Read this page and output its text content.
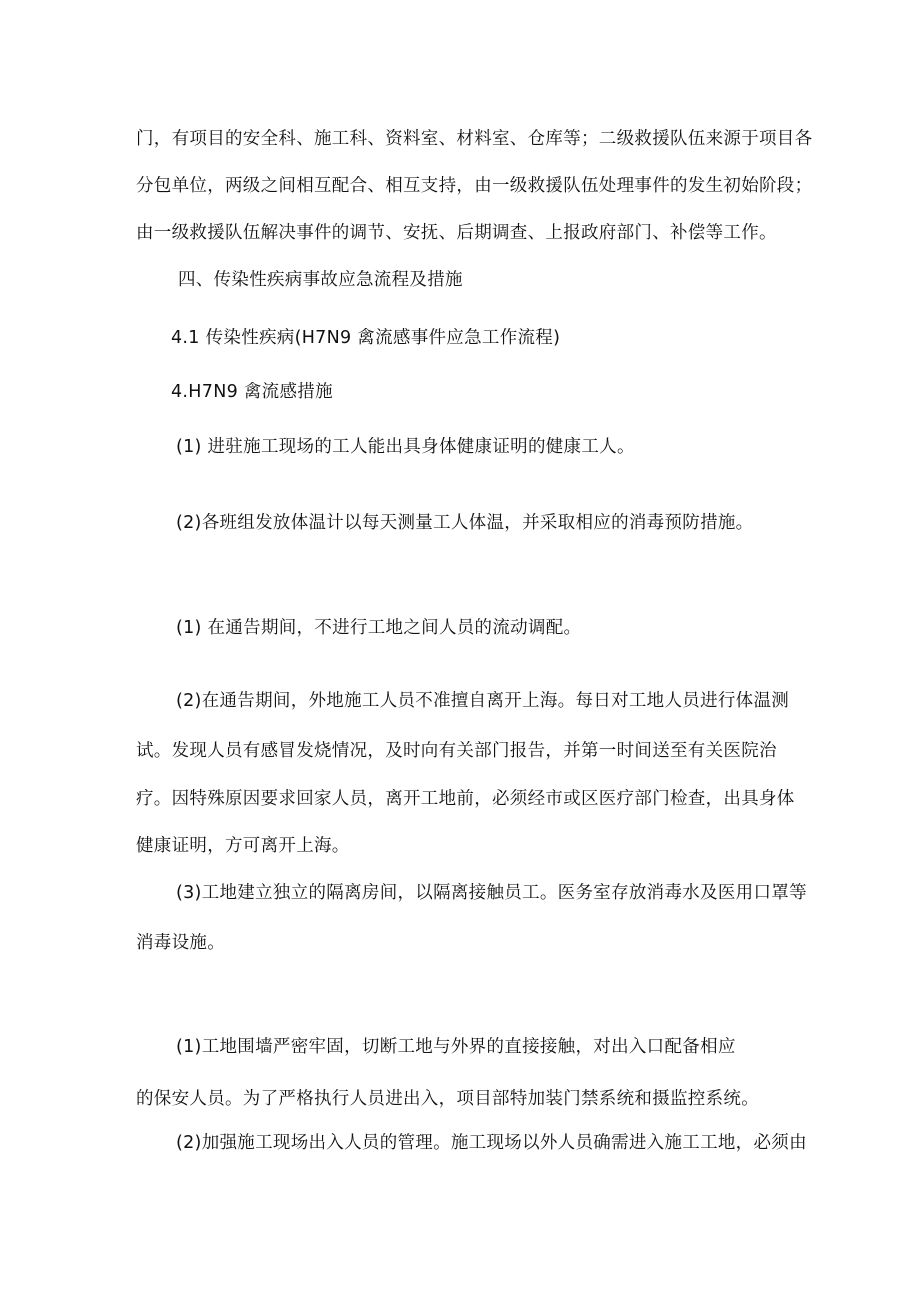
门，有项目的安全科、施工科、资料室、材料室、仓库等；二级救援队伍来源于项目各
分包单位，两级之间相互配合、相互支持，由一级救援队伍处理事件的发生初始阶段；
由一级救援队伍解决事件的调节、安抚、后期调查、上报政府部门、补偿等工作。
四、传染性疾病事故应急流程及措施
4.1 传染性疾病(H7N9 禽流感事件应急工作流程)
4.H7N9 禽流感措施
(1) 进驻施工现场的工人能出具身体健康证明的健康工人。
(2)各班组发放体温计以每天测量工人体温，并采取相应的消毒预防措施。
(1) 在通告期间，不进行工地之间人员的流动调配。
(2)在通告期间，外地施工人员不准擅自离开上海。每日对工地人员进行体温测
试。发现人员有感冒发烧情况，及时向有关部门报告，并第一时间送至有关医院治
疗。因特殊原因要求回家人员，离开工地前，必须经市或区医疗部门检查，出具身体
健康证明，方可离开上海。
(3)工地建立独立的隔离房间，以隔离接触员工。医务室存放消毒水及医用口罩等
消毒设施。
(1)工地围墙严密牢固，切断工地与外界的直接接触，对出入口配备相应
的保安人员。为了严格执行人员进出入，项目部特加装门禁系统和摄监控系统。
(2)加强施工现场出入人员的管理。施工现场以外人员确需进入施工工地，必须由
